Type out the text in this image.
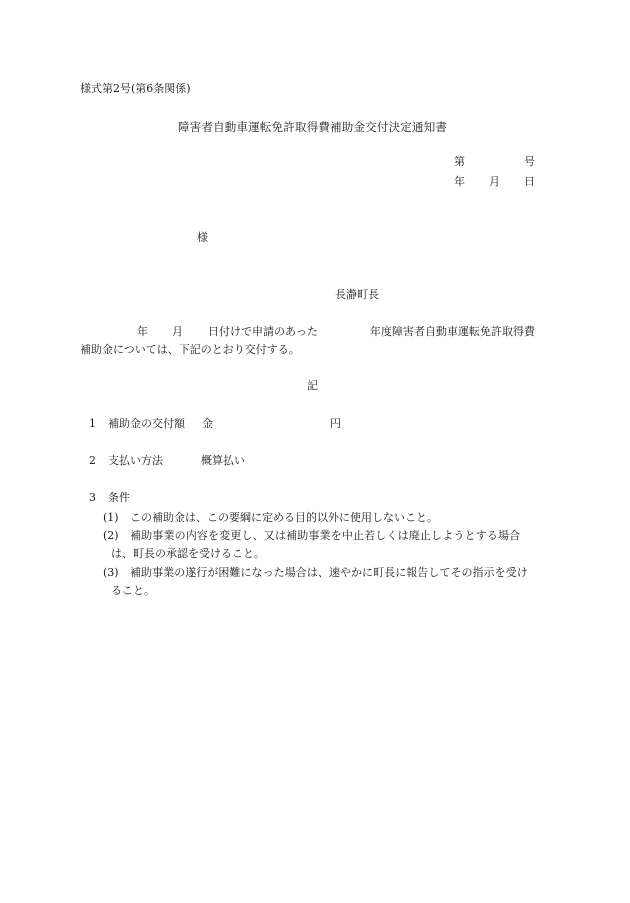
様式第2号(第6条関係)
障害者自動車運転免許取得費補助金交付決定通知書
第	号
年 月 日
様
長瀞町長
年 月 日付けで申請のあった	年度障害者自動車運転免許取得費
補助金については、下記のとおり交付する。
記
1 補助金の交付額 金	円
2 支払い方法	概算払い
3 条件
(1) この補助金は、この要綱に定める目的以外に使用しないこと。
(2) 補助事業の内容を変更し、又は補助事業を中止若しくは廃止しようとする場合
は、町長の承認を受けること。
(3) 補助事業の遂行が困難になった場合は、速やかに町長に報告してその指示を受け
ること。
